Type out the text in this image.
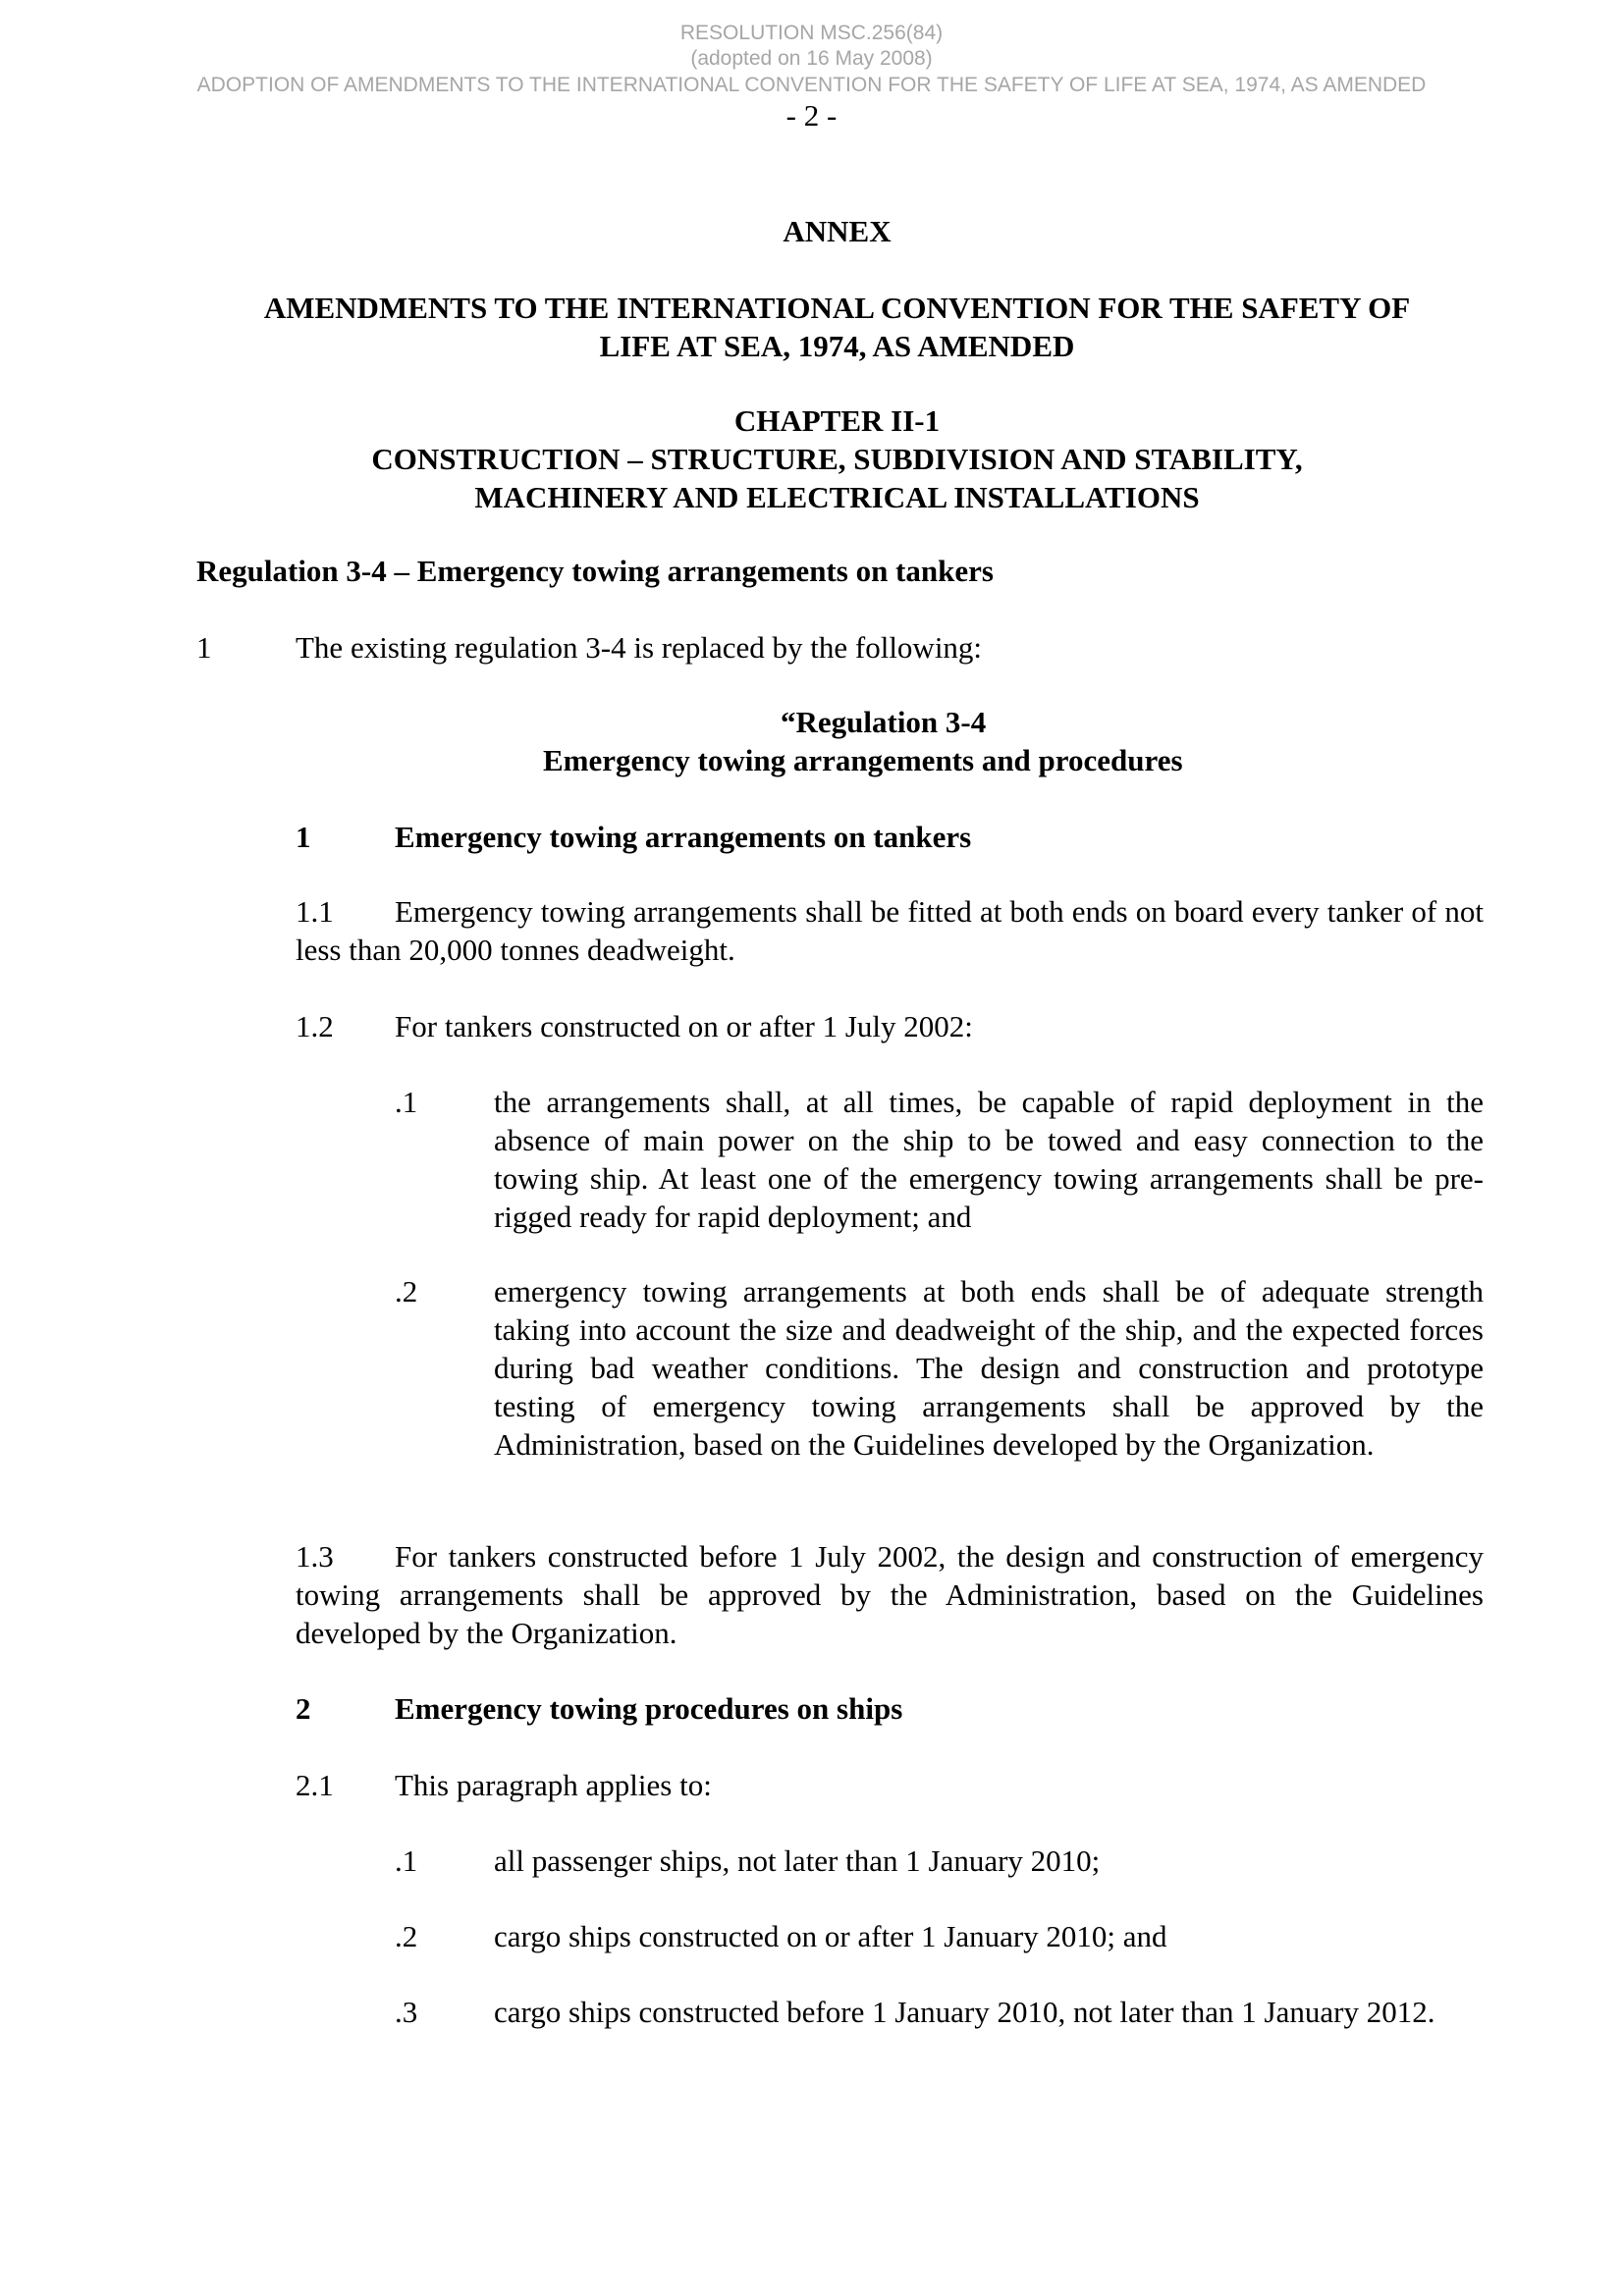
RESOLUTION MSC.256(84)
(adopted on 16 May 2008)
ADOPTION OF AMENDMENTS TO THE INTERNATIONAL CONVENTION FOR THE SAFETY OF LIFE AT SEA, 1974, AS AMENDED
- 2 -
ANNEX
AMENDMENTS TO THE INTERNATIONAL CONVENTION FOR THE SAFETY OF
LIFE AT SEA, 1974, AS AMENDED
CHAPTER II-1
CONSTRUCTION – STRUCTURE, SUBDIVISION AND STABILITY,
MACHINERY AND ELECTRICAL INSTALLATIONS
Regulation 3-4 – Emergency towing arrangements on tankers
1	The existing regulation 3-4 is replaced by the following:
“Regulation 3-4
Emergency towing arrangements and procedures
1	Emergency towing arrangements on tankers
1.1 Emergency towing arrangements shall be fitted at both ends on board every tanker of not less than 20,000 tonnes deadweight.
1.2 For tankers constructed on or after 1 July 2002:
.1	the arrangements shall, at all times, be capable of rapid deployment in the absence of main power on the ship to be towed and easy connection to the towing ship. At least one of the emergency towing arrangements shall be pre-rigged ready for rapid deployment; and
.2	emergency towing arrangements at both ends shall be of adequate strength taking into account the size and deadweight of the ship, and the expected forces during bad weather conditions. The design and construction and prototype testing of emergency towing arrangements shall be approved by the Administration, based on the Guidelines developed by the Organization.
1.3 For tankers constructed before 1 July 2002, the design and construction of emergency towing arrangements shall be approved by the Administration, based on the Guidelines developed by the Organization.
2	Emergency towing procedures on ships
2.1 This paragraph applies to:
.1	all passenger ships, not later than 1 January 2010;
.2	cargo ships constructed on or after 1 January 2010; and
.3	cargo ships constructed before 1 January 2010, not later than 1 January 2012.
